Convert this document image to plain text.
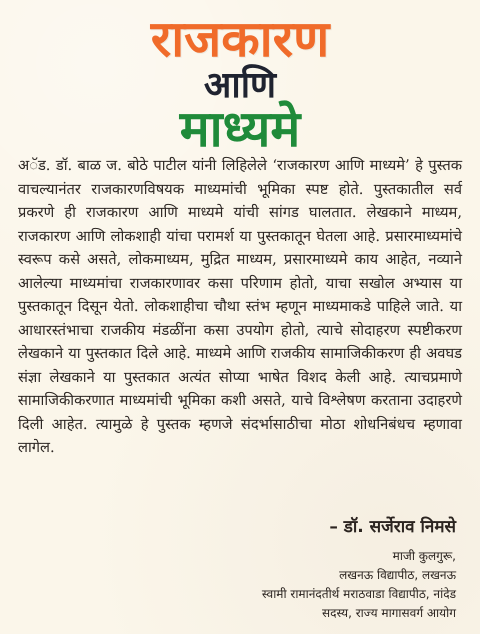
राजकारण
आणि
माध्यमे
अॅड. डॉ. बाळ ज. बोठे पाटील यांनी लिहिलेले ‘राजकारण आणि माध्यमे’ हे पुस्तक वाचल्यानंतर राजकारणविषयक माध्यमांची भूमिका स्पष्ट होते. पुस्तकातील सर्व प्रकरणे ही राजकारण आणि माध्यमे यांची सांगड घालतात. लेखकाने माध्यम, राजकारण आणि लोकशाही यांचा परामर्श या पुस्तकातून घेतला आहे. प्रसारमाध्यमांचे स्वरूप कसे असते, लोकमाध्यम, मुद्रित माध्यम, प्रसारमाध्यमे काय आहेत, नव्याने आलेल्या माध्यमांचा राजकारणावर कसा परिणाम होतो, याचा सखोल अभ्यास या पुस्तकातून दिसून येतो. लोकशाहीचा चौथा स्तंभ म्हणून माध्यमाकडे पाहिले जाते. या आधारस्तंभाचा राजकीय मंडळींना कसा उपयोग होतो, त्याचे सोदाहरण स्पष्टीकरण लेखकाने या पुस्तकात दिले आहे. माध्यमे आणि राजकीय सामाजिकीकरण ही अवघड संज्ञा लेखकाने या पुस्तकात अत्यंत सोप्या भाषेत विशद केली आहे. त्याचप्रमाणे सामाजिकीकरणात माध्यमांची भूमिका कशी असते, याचे विश्लेषण करताना उदाहरणे दिली आहेत. त्यामुळे हे पुस्तक म्हणजे संदर्भासाठीचा मोठा शोधनिबंधच म्हणावा लागेल.
– डॉ. सर्जेराव निमसे
माजी कुलगुरू,
लखनऊ विद्यापीठ, लखनऊ
स्वामी रामानंदतीर्थ मराठवाडा विद्यापीठ, नांदेड
सदस्य, राज्य मागासवर्ग आयोग
